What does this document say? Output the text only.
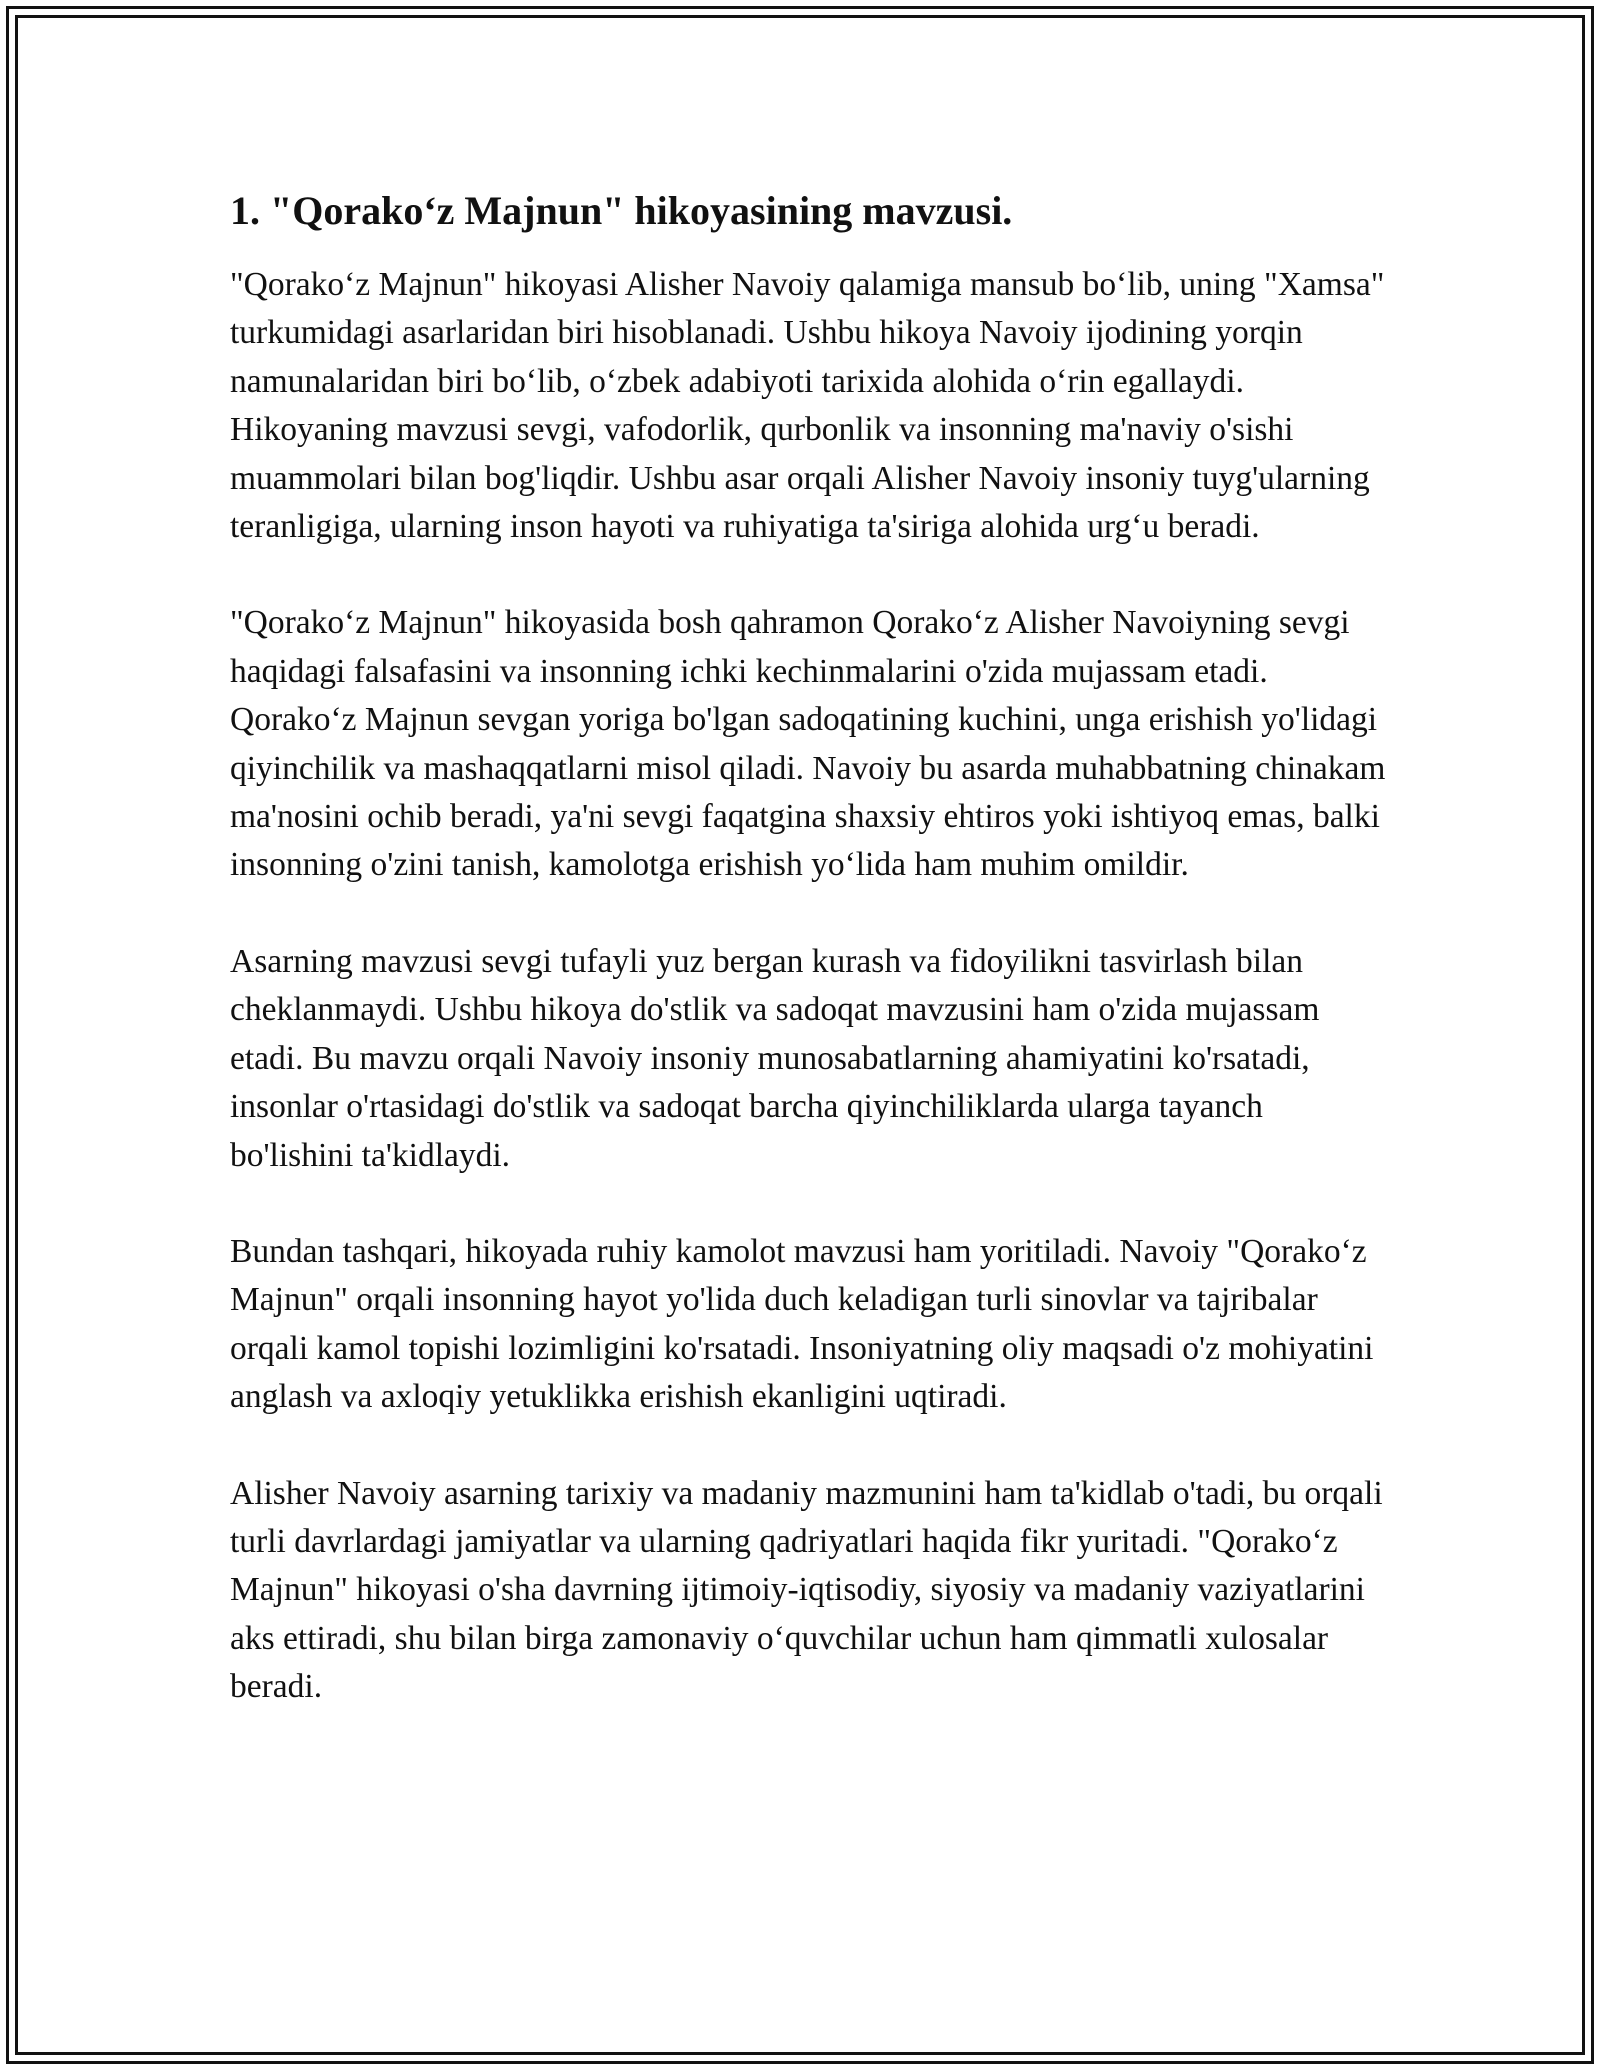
1. "Qorako‘z Majnun" hikoyasining mavzusi.

"Qorako‘z Majnun" hikoyasi Alisher Navoiy qalamiga mansub bo‘lib, uning "Xamsa" turkumidagi asarlaridan biri hisoblanadi. Ushbu hikoya Navoiy ijodining yorqin namunalaridan biri bo‘lib, o‘zbek adabiyoti tarixida alohida o‘rin egallaydi. Hikoyaning mavzusi sevgi, vafodorlik, qurbonlik va insonning ma'naviy o'sishi muammolari bilan bog'liqdir. Ushbu asar orqali Alisher Navoiy insoniy tuyg'ularning teranligiga, ularning inson hayoti va ruhiyatiga ta'siriga alohida urg‘u beradi.

"Qorako‘z Majnun" hikoyasida bosh qahramon Qorako‘z Alisher Navoiyning sevgi haqidagi falsafasini va insonning ichki kechinmalarini o'zida mujassam etadi. Qorako‘z Majnun sevgan yoriga bo'lgan sadoqatining kuchini, unga erishish yo'lidagi qiyinchilik va mashaqqatlarni misol qiladi. Navoiy bu asarda muhabbatning chinakam ma'nosini ochib beradi, ya'ni sevgi faqatgina shaxsiy ehtiros yoki ishtiyoq emas, balki insonning o'zini tanish, kamolotga erishish yo‘lida ham muhim omildir.

Asarning mavzusi sevgi tufayli yuz bergan kurash va fidoyilikni tasvirlash bilan cheklanmaydi. Ushbu hikoya do'stlik va sadoqat mavzusini ham o'zida mujassam etadi. Bu mavzu orqali Navoiy insoniy munosabatlarning ahamiyatini ko'rsatadi, insonlar o'rtasidagi do'stlik va sadoqat barcha qiyinchiliklarda ularga tayanch bo'lishini ta'kidlaydi.

Bundan tashqari, hikoyada ruhiy kamolot mavzusi ham yoritiladi. Navoiy "Qorako‘z Majnun" orqali insonning hayot yo'lida duch keladigan turli sinovlar va tajribalar orqali kamol topishi lozimligini ko'rsatadi. Insoniyatning oliy maqsadi o'z mohiyatini anglash va axloqiy yetuklikka erishish ekanligini uqtiradi.

Alisher Navoiy asarning tarixiy va madaniy mazmunini ham ta'kidlab o'tadi, bu orqali turli davrlardagi jamiyatlar va ularning qadriyatlari haqida fikr yuritadi. "Qorako‘z Majnun" hikoyasi o'sha davrning ijtimoiy-iqtisodiy, siyosiy va madaniy vaziyatlarini aks ettiradi, shu bilan birga zamonaviy o‘quvchilar uchun ham qimmatli xulosalar beradi.
